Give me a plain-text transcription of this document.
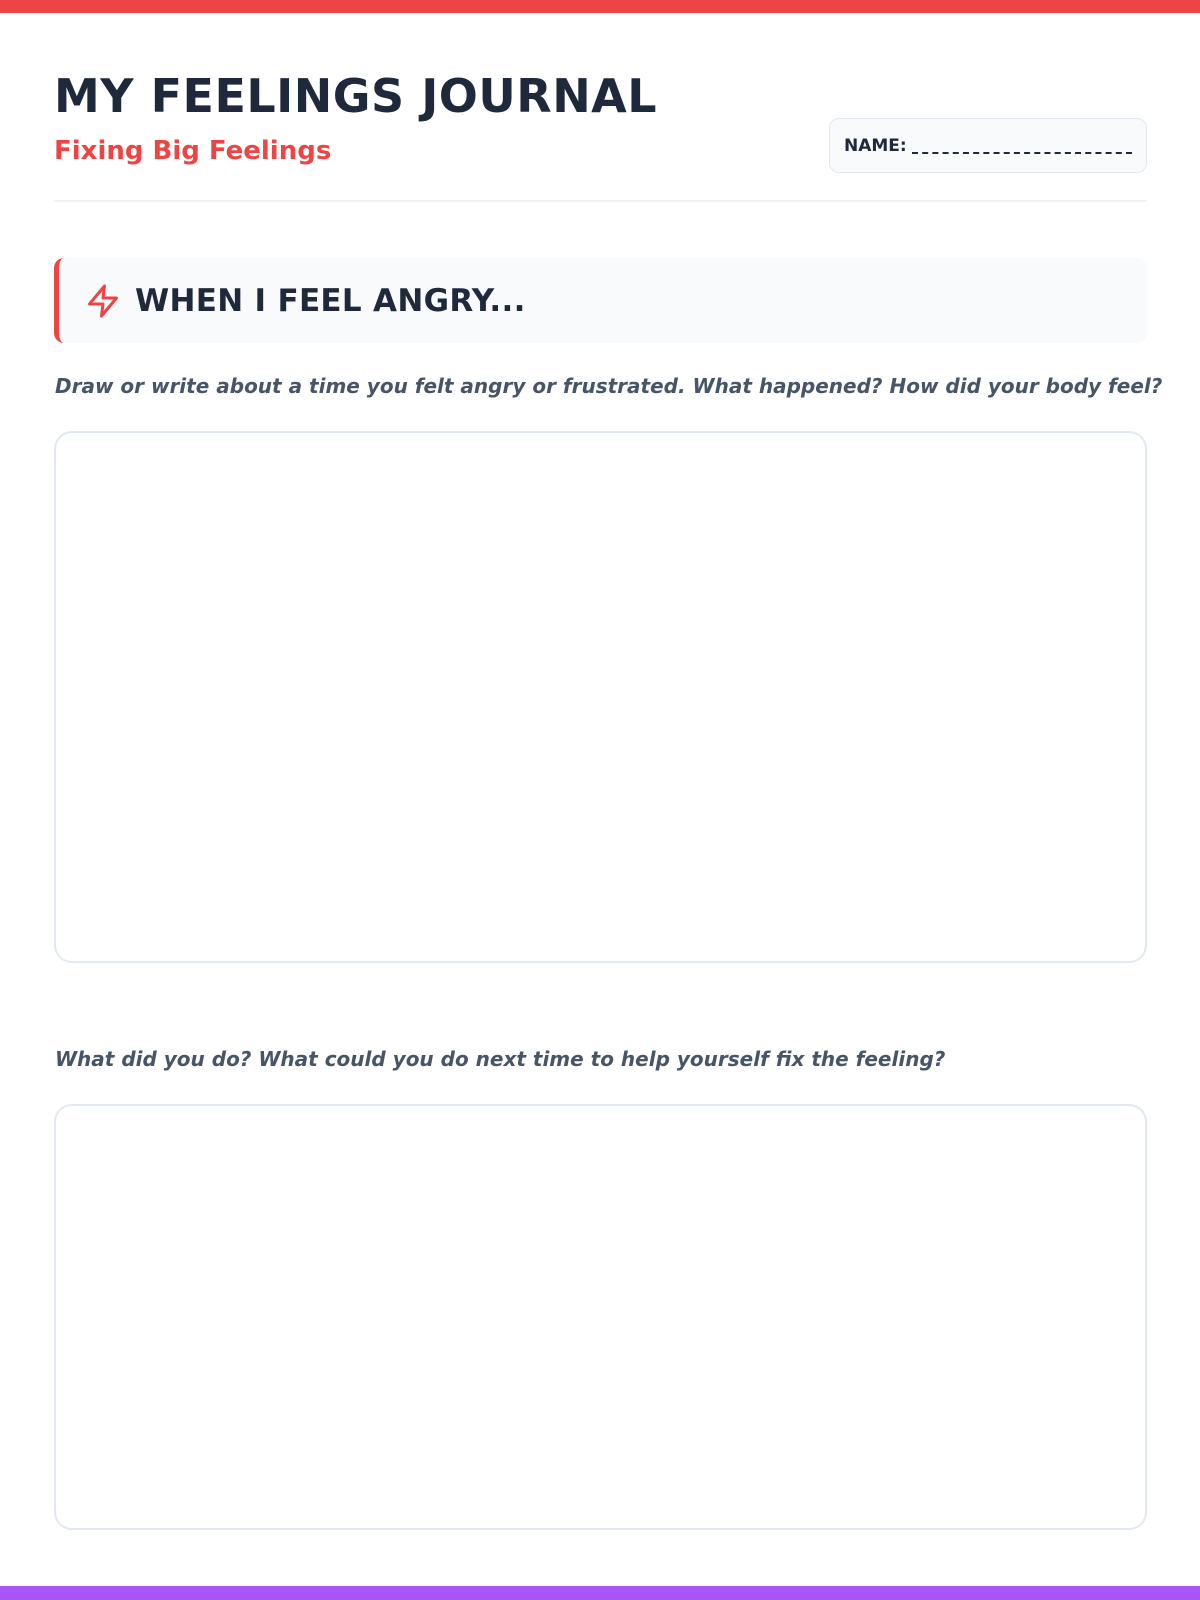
MY FEELINGS JOURNAL
Fixing Big Feelings	NAME:
WHEN I FEEL ANGRY...
Draw or write about a time you felt angry or frustrated. What happened? How did your body feel?
What did you do? What could you do next time to help yourself fix the feeling?
